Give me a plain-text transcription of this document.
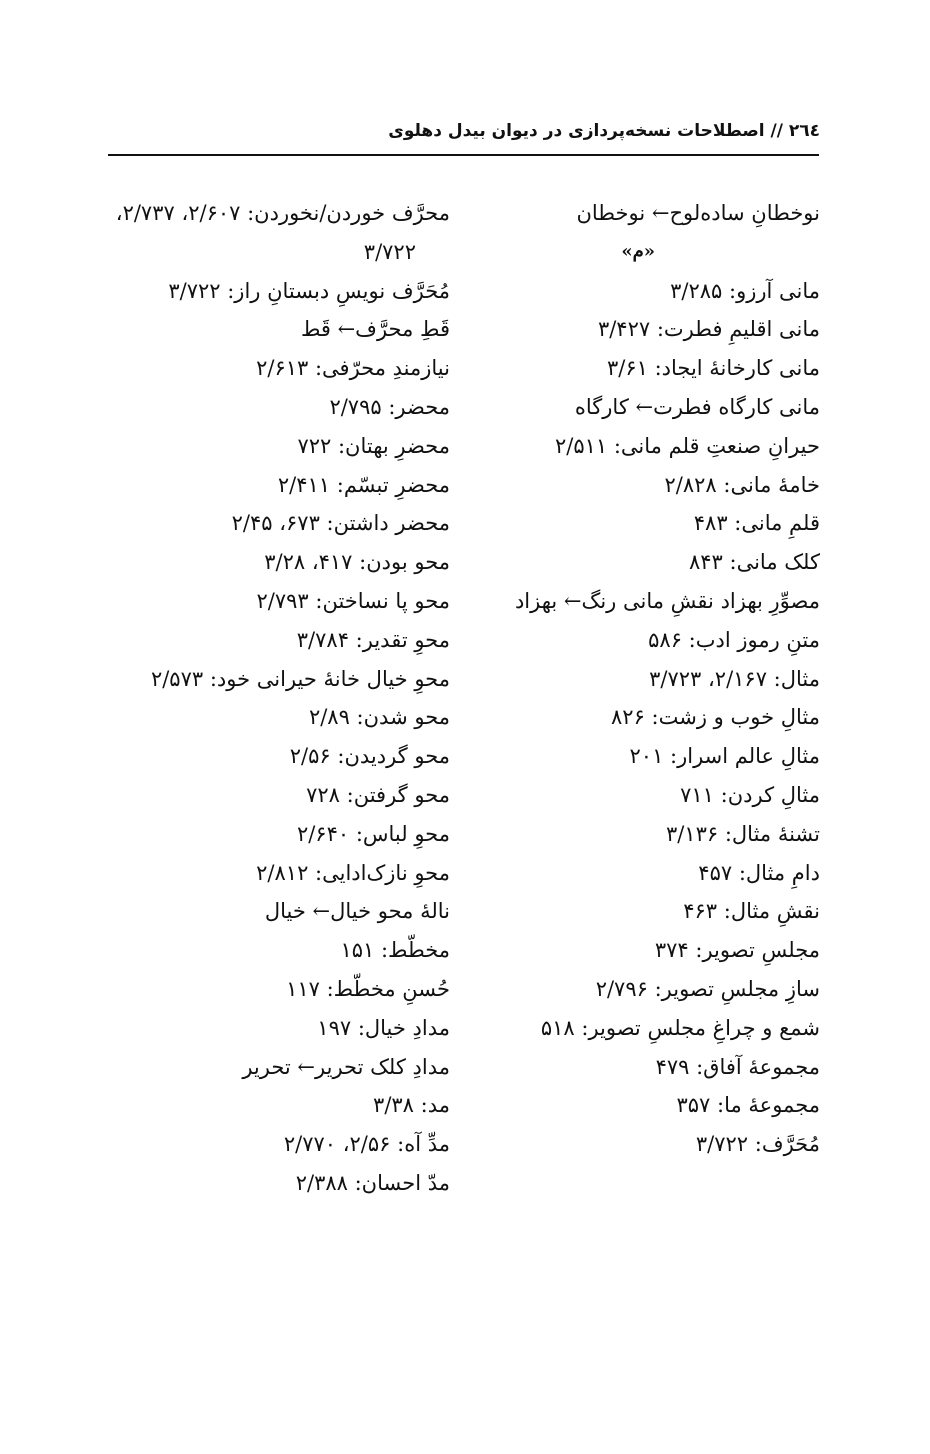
٢٦٤ // اصطلاحات نسخه‌پردازی در دیوان بیدل دهلوی
نوخطانِ ساده‌لوح← نوخطان
«م»
مانی آرزو: ۳/۲۸۵
مانی اقلیمِ فطرت: ۳/۴۲۷
مانی کارخانۀ ایجاد: ۳/۶۱
مانی کارگاه فطرت← کارگاه
حیرانِ صنعتِ قلم مانی: ۲/۵۱۱
خامۀ مانی: ۲/۸۲۸
قلمِ مانی: ۴۸۳
کلک مانی: ۸۴۳
مصوِّرِ بهزاد نقشِ مانی رنگ← بهزاد
متنِ رموز ادب: ۵۸۶
مثال: ۲/۱۶۷، ۳/۷۲۳
مثالِ خوب و زشت: ۸۲۶
مثالِ عالم اسرار: ۲۰۱
مثالِ کردن: ۷۱۱
تشنۀ مثال: ۳/۱۳۶
دامِ مثال: ۴۵۷
نقشِ مثال: ۴۶۳
مجلسِ تصویر: ۳۷۴
سازِ مجلسِ تصویر: ۲/۷۹۶
شمع و چراغِ مجلسِ تصویر: ۵۱۸
مجموعۀ آفاق: ۴۷۹
مجموعۀ ما: ۳۵۷
مُحَرَّف: ۳/۷۲۲
محرَّف خوردن/نخوردن: ۲/۶۰۷، ۲/۷۳۷،
۳/۷۲۲
مُحَرَّف نویسِ دبستانِ راز: ۳/۷۲۲
قَطِ محرَّف← قَط
نیازمندِ محرّفی: ۲/۶۱۳
محضر: ۲/۷۹۵
محضرِ بهتان: ۷۲۲
محضرِ تبسّم: ۲/۴۱۱
محضر داشتن: ۶۷۳، ۲/۴۵
محو بودن: ۴۱۷، ۳/۲۸
محو پا نساختن: ۲/۷۹۳
محوِ تقدیر: ۳/۷۸۴
محوِ خیال خانۀ حیرانی خود: ۲/۵۷۳
محو شدن: ۲/۸۹
محو گردیدن: ۲/۵۶
محو گرفتن: ۷۲۸
محوِ لباس: ۲/۶۴۰
محوِ نازک‌ادایی: ۲/۸۱۲
نالۀ محو خیال← خیال
مخطّط: ۱۵۱
حُسنِ مخطّط: ۱۱۷
مدادِ خیال: ۱۹۷
مدادِ کلک تحریر← تحریر
مد: ۳/۳۸
مدِّ آه: ۲/۵۶، ۲/۷۷۰
مدّ احسان: ۲/۳۸۸
